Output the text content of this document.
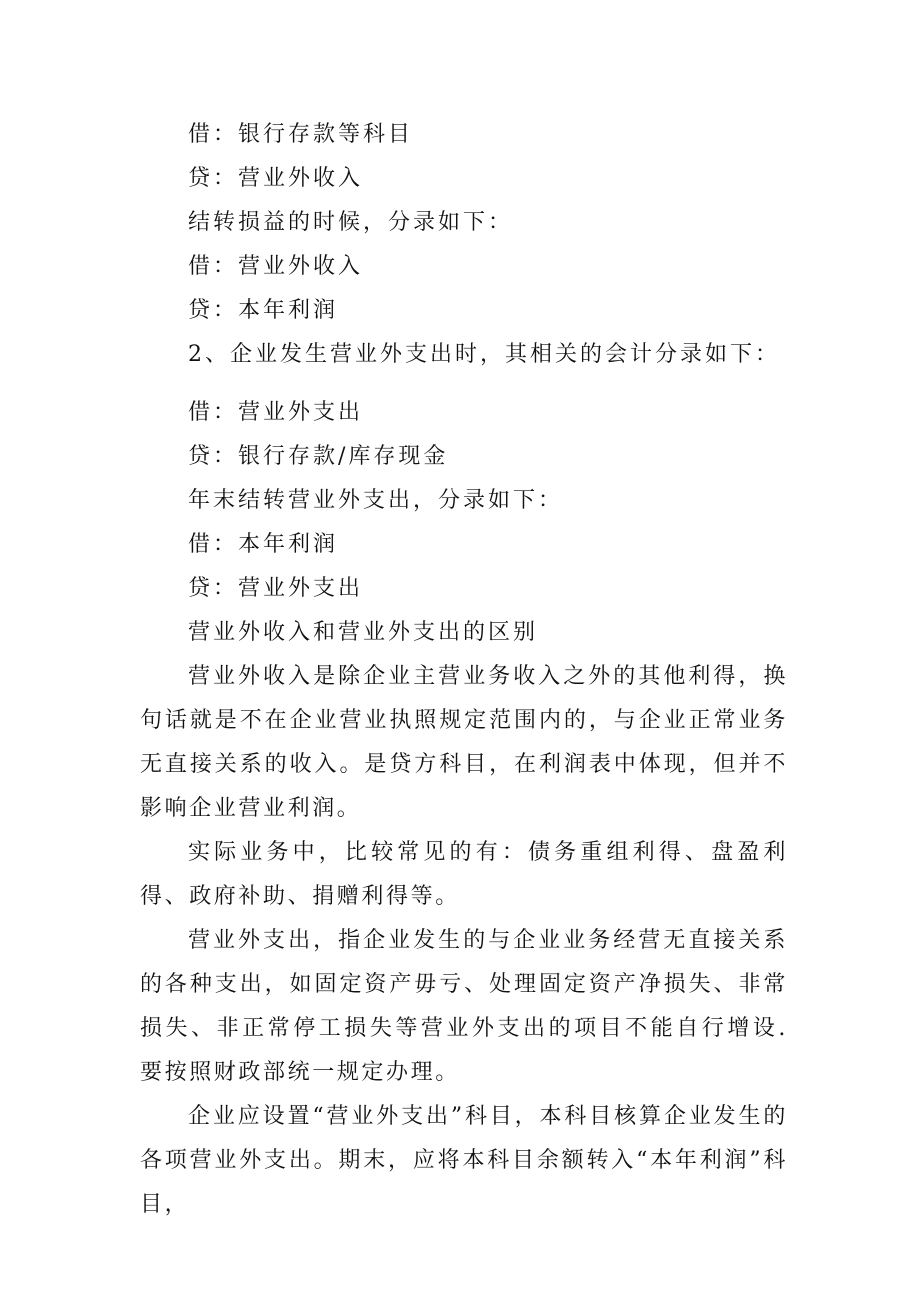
借：银行存款等科目
贷：营业外收入
结转损益的时候，分录如下：
借：营业外收入
贷：本年利润
2、企业发生营业外支出时，其相关的会计分录如下：
借：营业外支出
贷：银行存款/库存现金
年末结转营业外支出，分录如下：
借：本年利润
贷：营业外支出
营业外收入和营业外支出的区别
营业外收入是除企业主营业务收入之外的其他利得，换句话就是不在企业营业执照规定范围内的，与企业正常业务无直接关系的收入。是贷方科目，在利润表中体现，但并不影响企业营业利润。
实际业务中，比较常见的有：债务重组利得、盘盈利得、政府补助、捐赠利得等。
营业外支出，指企业发生的与企业业务经营无直接关系的各种支出，如固定资产毋亏、处理固定资产净损失、非常损失、非正常停工损失等营业外支出的项目不能自行增设.要按照财政部统一规定办理。
企业应设置“营业外支出”科目，本科目核算企业发生的各项营业外支出。期末，应将本科目余额转入“本年利润”科目，
